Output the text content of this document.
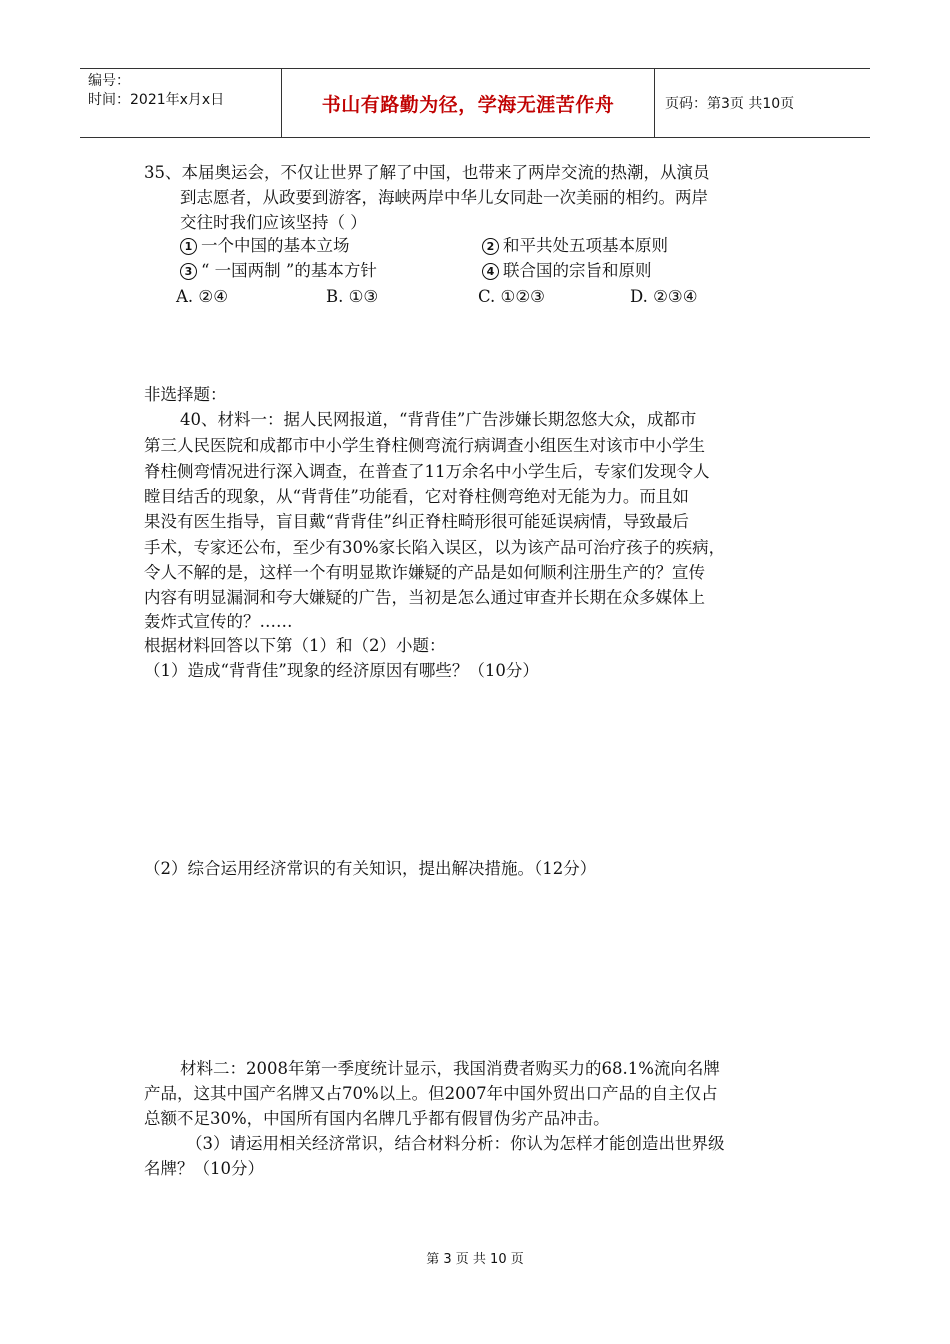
编号：
时间：2021年x月x日	书山有路勤为径，学海无涯苦作舟	页码：第3页 共10页
35、本届奥运会，不仅让世界了解了中国，也带来了两岸交流的热潮，从演员
到志愿者，从政要到游客，海峡两岸中华儿女同赴一次美丽的相约。两岸
交往时我们应该坚持（ ）
1 一个中国的基本立场	2 和平共处五项基本原则
3 “ 一国两制 ”的基本方针	4 联合国的宗旨和原则
A. ②④	B. ①③	C. ①②③	D. ②③④
非选择题：
40、材料一：据人民网报道，“背背佳”广告涉嫌长期忽悠大众，成都市
第三人民医院和成都市中小学生脊柱侧弯流行病调查小组医生对该市中小学生
脊柱侧弯情况进行深入调查，在普查了11万余名中小学生后，专家们发现令人
瞠目结舌的现象，从“背背佳”功能看，它对脊柱侧弯绝对无能为力。而且如
果没有医生指导，盲目戴“背背佳”纠正脊柱畸形很可能延误病情，导致最后
手术，专家还公布，至少有30%家长陷入误区，以为该产品可治疗孩子的疾病，
令人不解的是，这样一个有明显欺诈嫌疑的产品是如何顺利注册生产的？宣传
内容有明显漏洞和夸大嫌疑的广告，当初是怎么通过审查并长期在众多媒体上
轰炸式宣传的？……
根据材料回答以下第（1）和（2）小题：
（1）造成“背背佳”现象的经济原因有哪些？（10分）
（2）综合运用经济常识的有关知识，提出解决措施。（12分）
材料二：2008年第一季度统计显示，我国消费者购买力的68.1%流向名牌
产品，这其中国产名牌又占70%以上。但2007年中国外贸出口产品的自主仅占
总额不足30%，中国所有国内名牌几乎都有假冒伪劣产品冲击。
（3）请运用相关经济常识，结合材料分析：你认为怎样才能创造出世界级
名牌？（10分）
第 3 页 共 10 页
